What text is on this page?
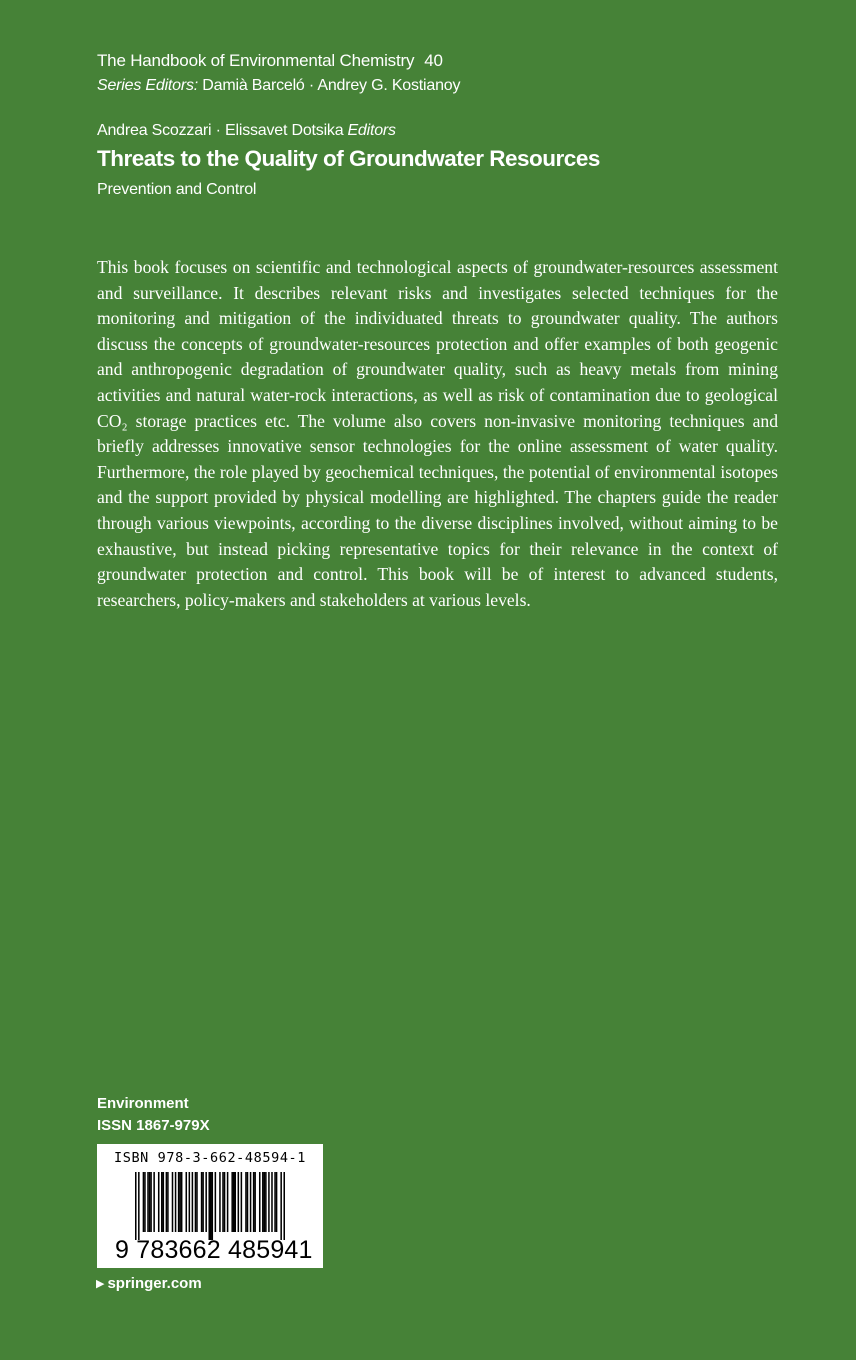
The Handbook of Environmental Chemistry 40
Series Editors: Damià Barceló · Andrey G. Kostianoy
Andrea Scozzari · Elissavet Dotsika Editors
Threats to the Quality of Groundwater Resources
Prevention and Control

This book focuses on scientific and technological aspects of groundwater-resources assessment and surveillance. It describes relevant risks and investigates selected techniques for the monitoring and mitigation of the individuated threats to groundwater quality. The authors discuss the concepts of groundwater-resources protection and offer examples of both geogenic and anthropogenic degradation of groundwater quality, such as heavy metals from mining activities and natural water-rock interactions, as well as risk of contamination due to geological CO₂ storage practices etc. The volume also covers non-invasive monitoring techniques and briefly addresses innovative sensor technologies for the online assessment of water quality. Furthermore, the role played by geochemical techniques, the potential of environmental isotopes and the support provided by physical modelling are highlighted. The chapters guide the reader through various viewpoints, according to the diverse disciplines involved, without aiming to be exhaustive, but instead picking representative topics for their relevance in the context of groundwater protection and control. This book will be of interest to advanced students, researchers, policy-makers and stakeholders at various levels.

Environment
ISSN 1867-979X
ISBN 978-3-662-48594-1
9 783662 485941
▶ springer.com
